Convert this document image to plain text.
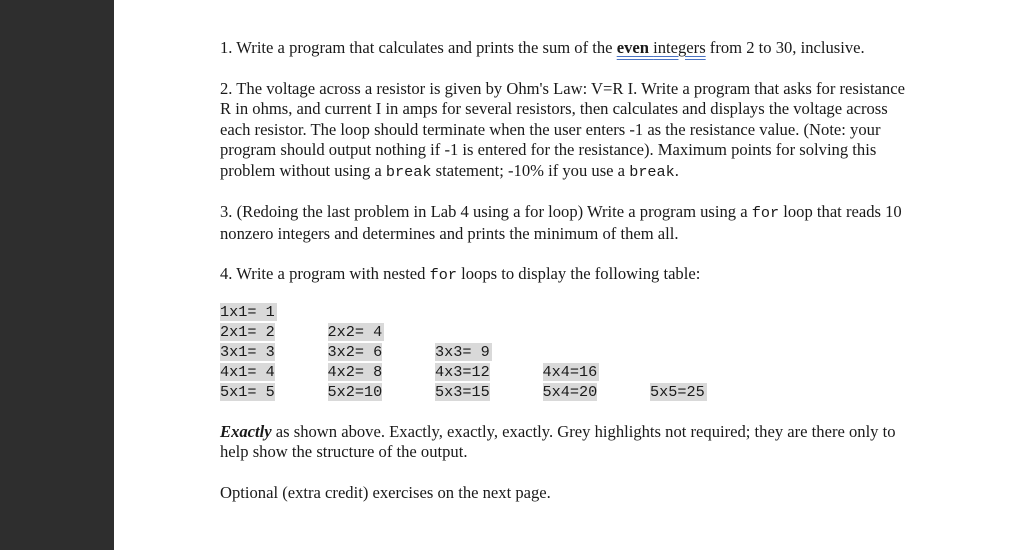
1. Write a program that calculates and prints the sum of the even integers from 2 to 30, inclusive.

2. The voltage across a resistor is given by Ohm's Law: V=R I. Write a program that asks for resistance R in ohms, and current I in amps for several resistors, then calculates and displays the voltage across each resistor. The loop should terminate when the user enters -1 as the resistance value. (Note: your program should output nothing if -1 is entered for the resistance). Maximum points for solving this problem without using a break statement; -10% if you use a break.

3. (Redoing the last problem in Lab 4 using a for loop) Write a program using a for loop that reads 10 nonzero integers and determines and prints the minimum of them all.

4. Write a program with nested for loops to display the following table:

1x1= 1
2x1= 2	2x2= 4
3x1= 3	3x2= 6	3x3= 9
4x1= 4	4x2= 8	4x3=12	4x4=16
5x1= 5	5x2=10	5x3=15	5x4=20	5x5=25

Exactly as shown above. Exactly, exactly, exactly. Grey highlights not required; they are there only to help show the structure of the output.

Optional (extra credit) exercises on the next page.
